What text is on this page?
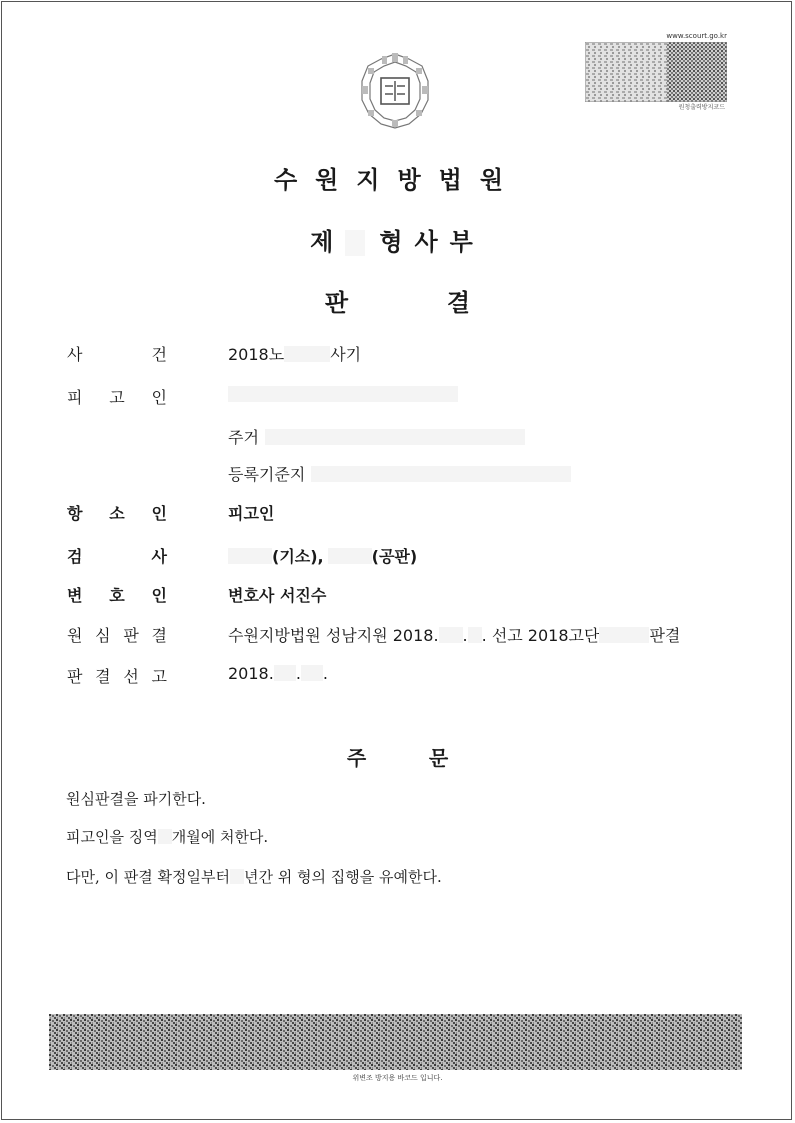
www.scourt.go.kr
원청출력방지코드
수원지방법원
제 형사부
판	결
사	건	2018노	사기
피 고 인
주거
등록기준지
항 소 인	피고인
검	사	(기소),	(공판)
변 호 인	변호사 서진수
원 심 판 결	수원지방법원 성남지원 2018. . . 선고 2018고단	판결
판 결 선 고	2018. . .
주	문
원심판결을 파기한다.
피고인을 징역 개월에 처한다.
다만, 이 판결 확정일부터 년간 위 형의 집행을 유예한다.
위변조 방지용 바코드 입니다.
